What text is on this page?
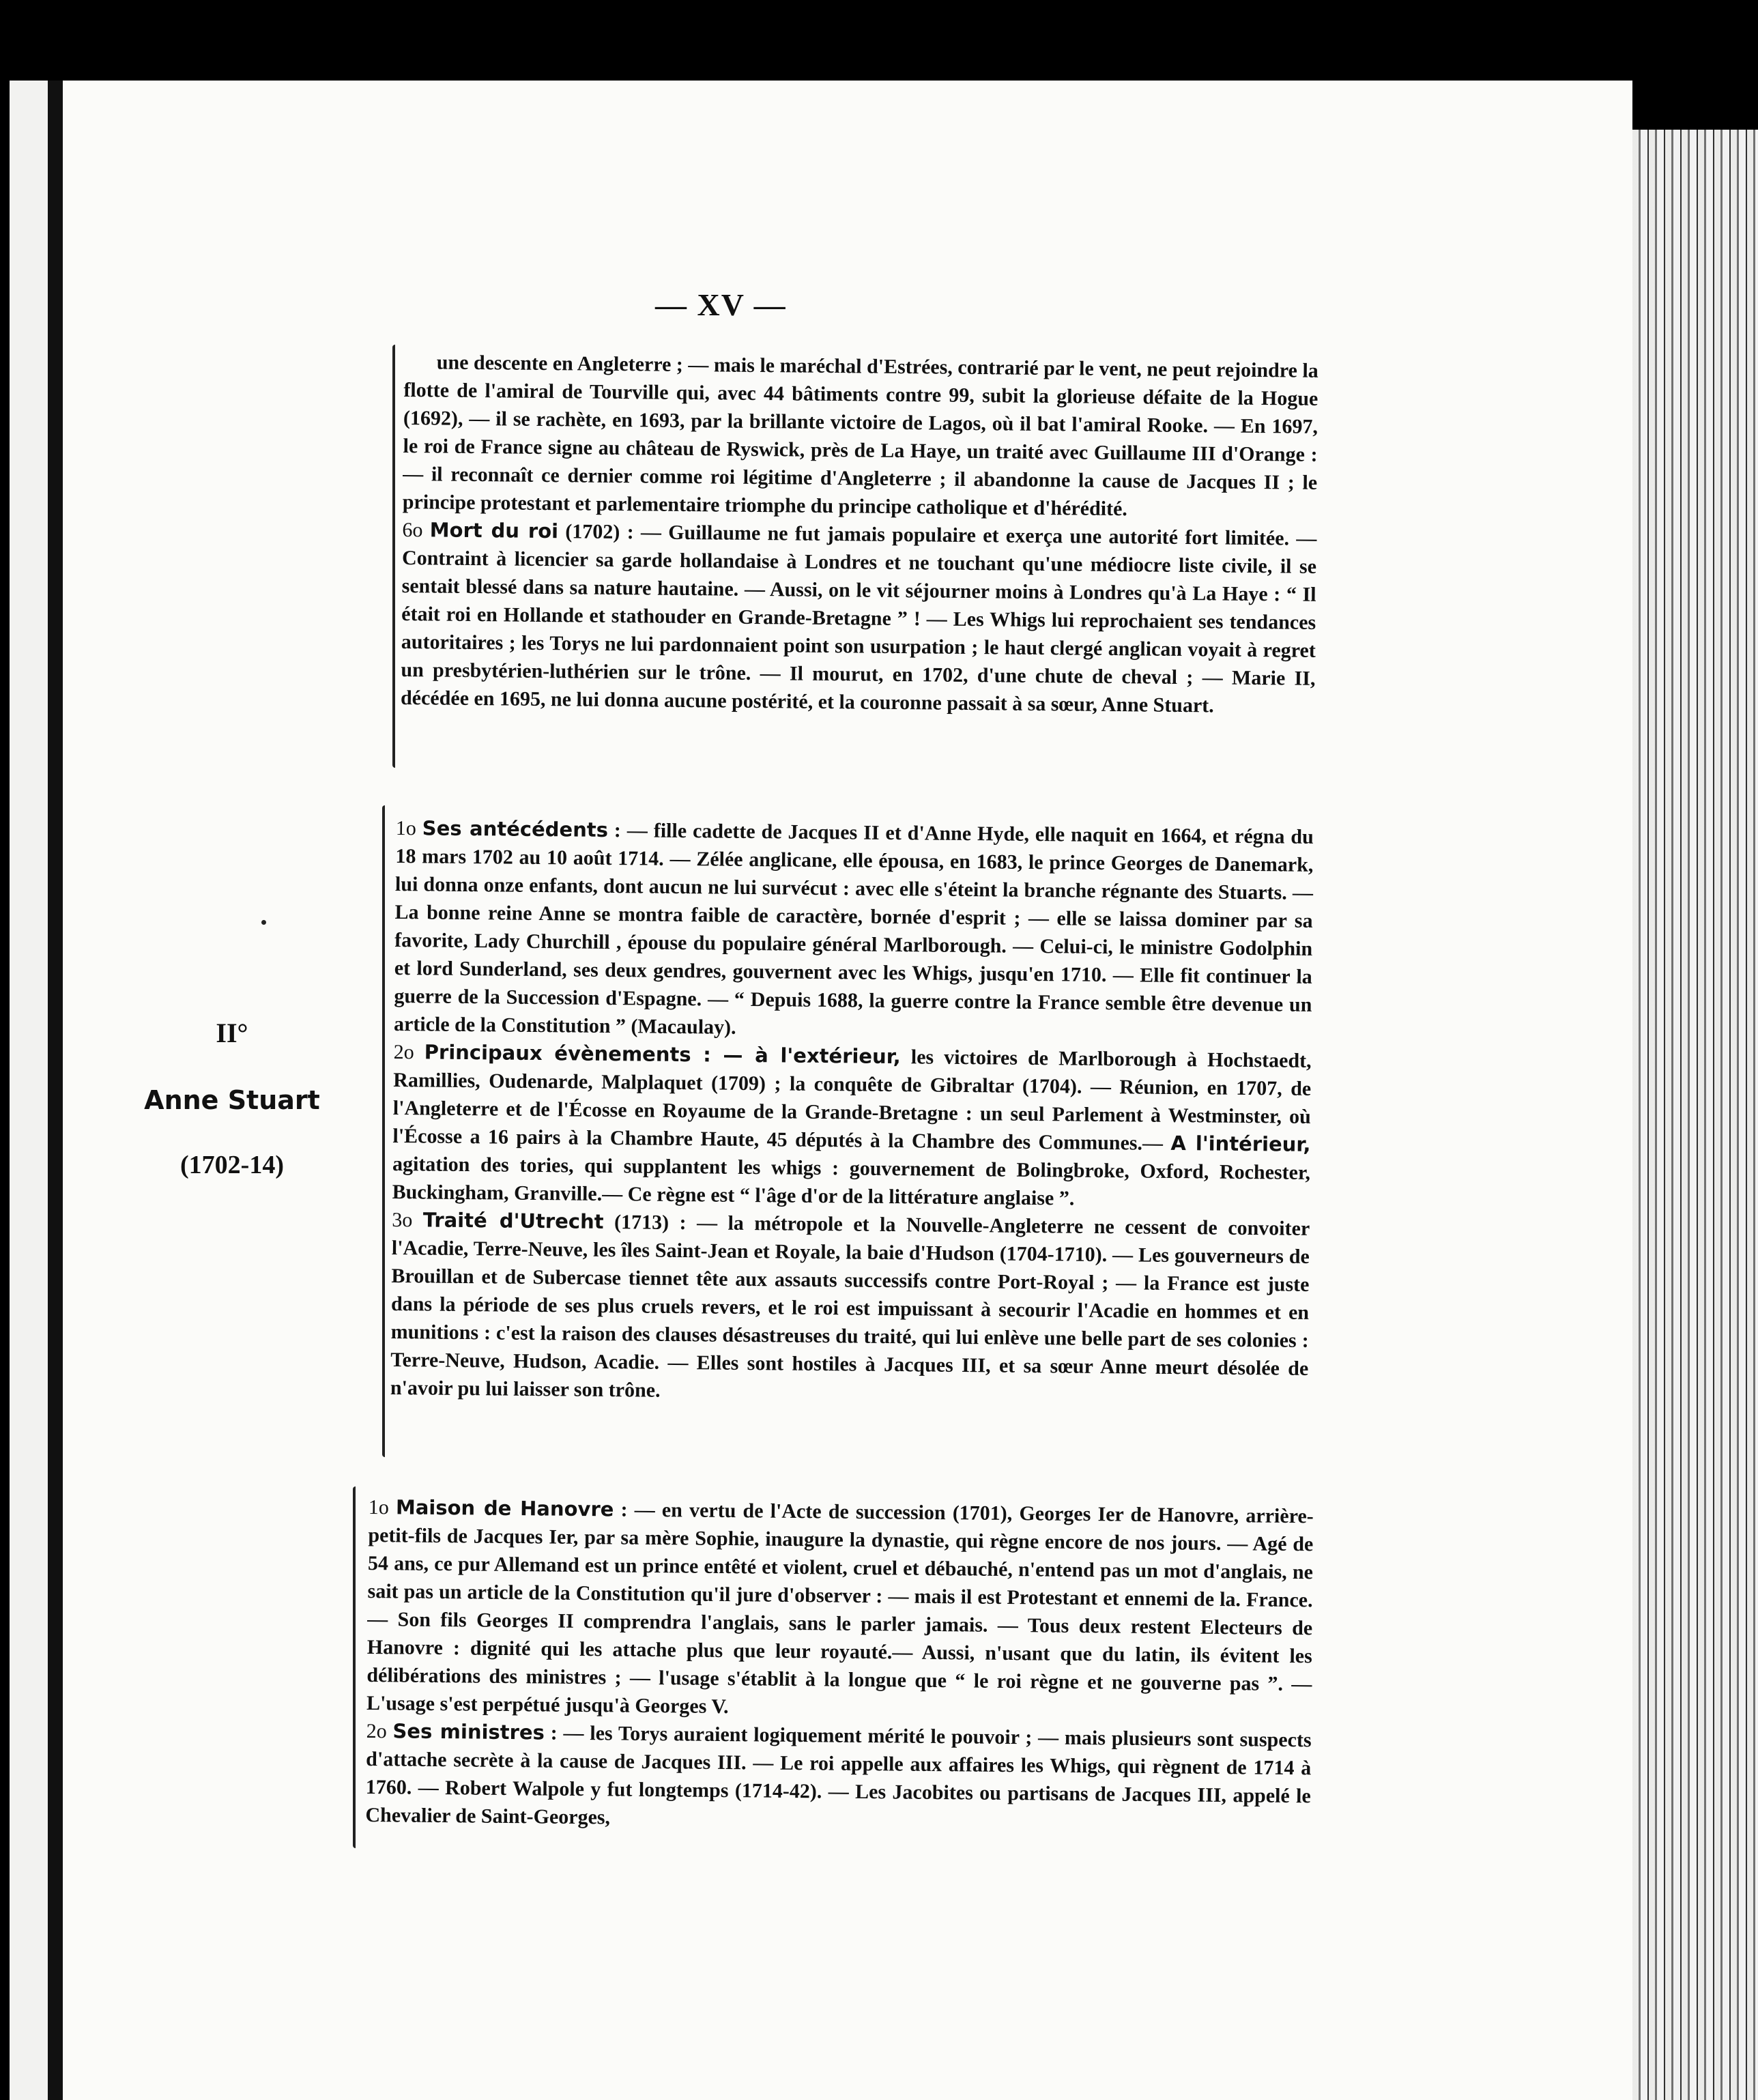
— XV —
II°
Anne Stuart
(1702-14)

une descente en Angleterre ; — mais le maréchal d'Estrées, contrarié par le vent, ne peut rejoindre la flotte de l'amiral de Tourville qui, avec 44 bâtiments contre 99, subit la glorieuse défaite de la Hogue (1692), — il se rachète, en 1693, par la brillante victoire de Lagos, où il bat l'amiral Rooke. — En 1697, le roi de France signe au château de Ryswick, près de La Haye, un traité avec Guillaume III d'Orange : — il reconnaît ce dernier comme roi légitime d'Angleterre ; il abandonne la cause de Jacques II ; le principe protestant et parlementaire triomphe du principe catholique et d'hérédité.

6o Mort du roi (1702) : — Guillaume ne fut jamais populaire et exerça une autorité fort limitée. — Contraint à licencier sa garde hollandaise à Londres et ne touchant qu'une médiocre liste civile, il se sentait blessé dans sa nature hautaine. — Aussi, on le vit séjourner moins à Londres qu'à La Haye : “ Il était roi en Hollande et stathouder en Grande-Bretagne ” ! — Les Whigs lui reprochaient ses tendances autoritaires ; les Torys ne lui pardonnaient point son usurpation ; le haut clergé anglican voyait à regret un presbytérien-luthérien sur le trône. — Il mourut, en 1702, d'une chute de cheval ; — Marie II, décédée en 1695, ne lui donna aucune postérité, et la couronne passait à sa sœur, Anne Stuart.

1o Ses antécédents : — fille cadette de Jacques II et d'Anne Hyde, elle naquit en 1664, et régna du 18 mars 1702 au 10 août 1714. — Zélée anglicane, elle épousa, en 1683, le prince Georges de Danemark, lui donna onze enfants, dont aucun ne lui survécut : avec elle s'éteint la branche régnante des Stuarts. — La bonne reine Anne se montra faible de caractère, bornée d'esprit ; — elle se laissa dominer par sa favorite, Lady Churchill , épouse du populaire général Marlborough. — Celui-ci, le ministre Godolphin et lord Sunderland, ses deux gendres, gouvernent avec les Whigs, jusqu'en 1710. — Elle fit continuer la guerre de la Succession d'Espagne. — “ Depuis 1688, la guerre contre la France semble être devenue un article de la Constitution ” (Macaulay).

2o Principaux évènements : — à l'extérieur, les victoires de Marlborough à Hochstaedt, Ramillies, Oudenarde, Malplaquet (1709) ; la conquête de Gibraltar (1704). — Réunion, en 1707, de l'Angleterre et de l'Écosse en Royaume de la Grande-Bretagne : un seul Parlement à Westminster, où l'Écosse a 16 pairs à la Chambre Haute, 45 députés à la Chambre des Communes.— A l'intérieur, agitation des tories, qui supplantent les whigs : gouvernement de Bolingbroke, Oxford, Rochester, Buckingham, Granville.— Ce règne est “ l'âge d'or de la littérature anglaise ”.

3o Traité d'Utrecht (1713) : — la métropole et la Nouvelle-Angleterre ne cessent de convoiter l'Acadie, Terre-Neuve, les îles Saint-Jean et Royale, la baie d'Hudson (1704-1710). — Les gouverneurs de Brouillan et de Subercase tiennet tête aux assauts successifs contre Port-Royal ; — la France est juste dans la période de ses plus cruels revers, et le roi est impuissant à secourir l'Acadie en hommes et en munitions : c'est la raison des clauses désastreuses du traité, qui lui enlève une belle part de ses colonies : Terre-Neuve, Hudson, Acadie. — Elles sont hostiles à Jacques III, et sa sœur Anne meurt désolée de n'avoir pu lui laisser son trône.

1o Maison de Hanovre : — en vertu de l'Acte de succession (1701), Georges Ier de Hanovre, arrière-petit-fils de Jacques Ier, par sa mère Sophie, inaugure la dynastie, qui règne encore de nos jours. — Agé de 54 ans, ce pur Allemand est un prince entêté et violent, cruel et débauché, n'entend pas un mot d'anglais, ne sait pas un article de la Constitution qu'il jure d'observer : — mais il est Protestant et ennemi de la. France. — Son fils Georges II comprendra l'anglais, sans le parler jamais. — Tous deux restent Electeurs de Hanovre : dignité qui les attache plus que leur royauté.— Aussi, n'usant que du latin, ils évitent les délibérations des ministres ; — l'usage s'établit à la longue que “ le roi règne et ne gouverne pas ”. — L'usage s'est perpétué jusqu'à Georges V.

2o Ses ministres : — les Torys auraient logiquement mérité le pouvoir ; — mais plusieurs sont suspects d'attache secrète à la cause de Jacques III. — Le roi appelle aux affaires les Whigs, qui règnent de 1714 à 1760. — Robert Walpole y fut longtemps (1714-42). — Les Jacobites ou partisans de Jacques III, appelé le Chevalier de Saint-Georges,
